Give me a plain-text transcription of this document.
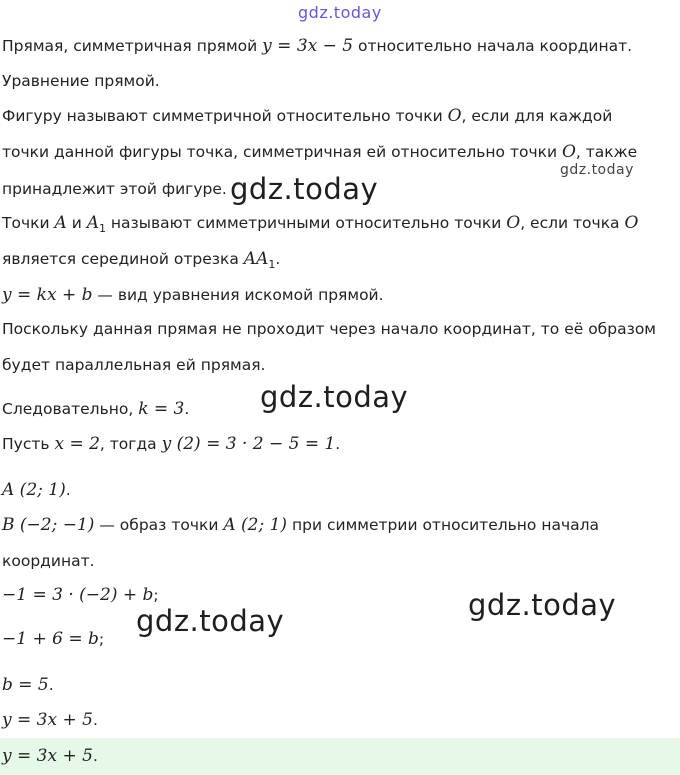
gdz.today
gdz.today
gdz.today
gdz.today
gdz.today
gdz.today
Прямая, симметричная прямой y = 3x − 5 относительно начала координат.
Уравнение прямой.
Фигуру называют симметричной относительно точки O, если для каждой
точки данной фигуры точка, симметричная ей относительно точки O, также
принадлежит этой фигуре.
Точки A и $A_1$ называют симметричными относительно точки O, если точка O
является серединой отрезка $AA_1$.
y = kx + b — вид уравнения искомой прямой.
Поскольку данная прямая не проходит через начало координат, то её образом
будет параллельная ей прямая.
Следовательно, k = 3.
Пусть x = 2, тогда y (2) = 3 · 2 − 5 = 1.
A (2; 1).
B (−2; −1) — образ точки A (2; 1) при симметрии относительно начала
координат.
−1 = 3 · (−2) + b;
−1 + 6 = b;
b = 5.
y = 3x + 5.
y = 3x + 5.
